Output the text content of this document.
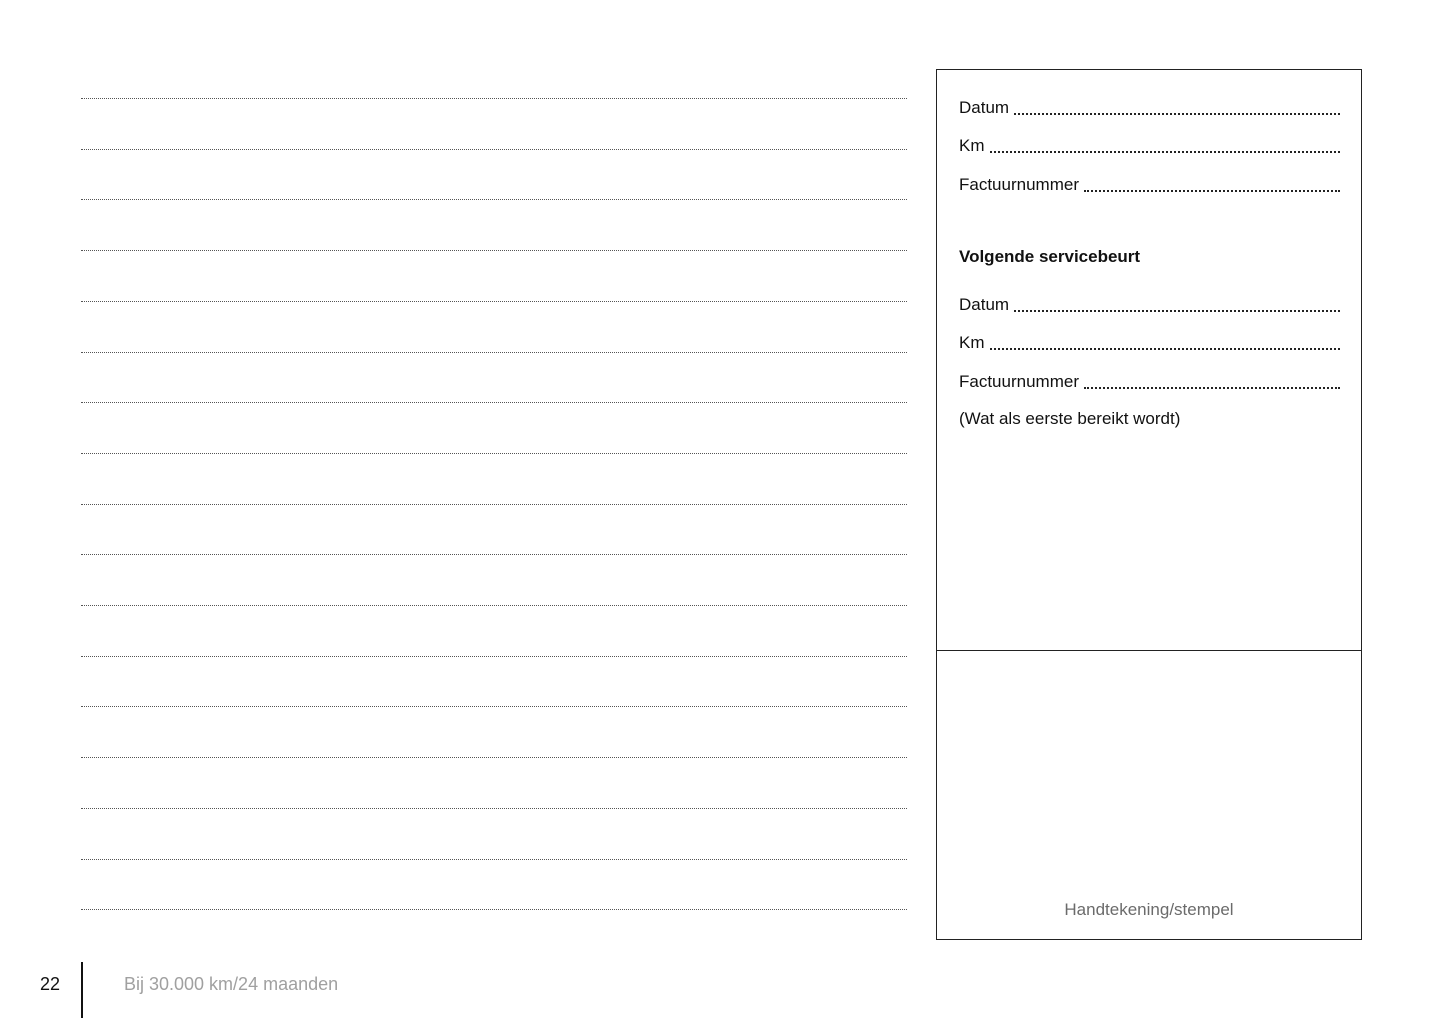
Datum
Km
Factuurnummer
Volgende servicebeurt
Datum
Km
Factuurnummer
(Wat als eerste bereikt wordt)
Handtekening/stempel
22	Bij 30.000 km/24 maanden
